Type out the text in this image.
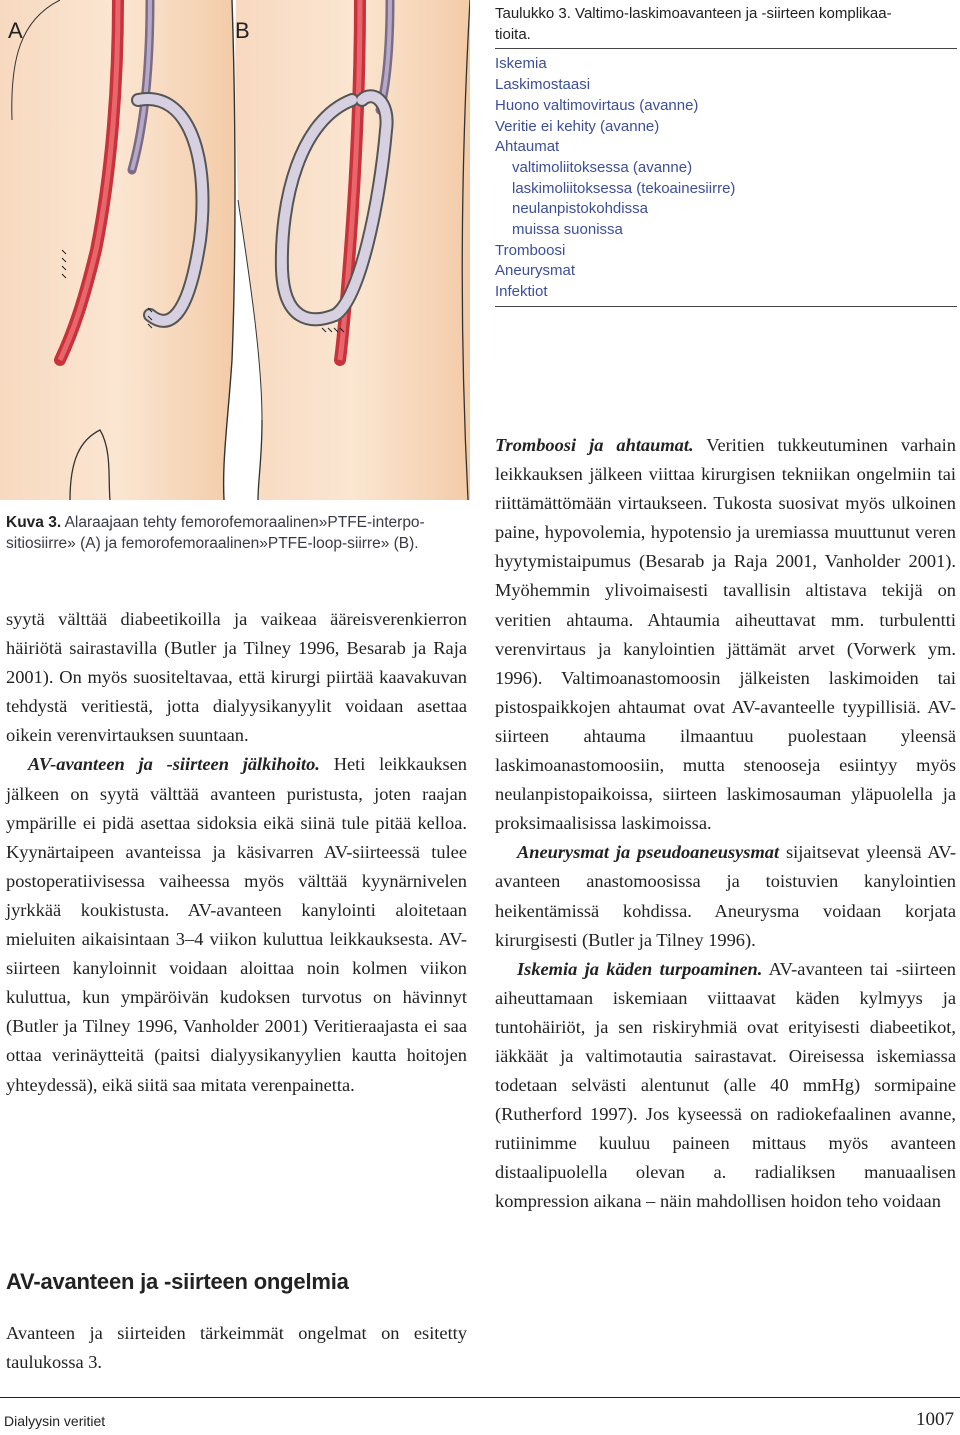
A	B
Kuva 3. Alaraajaan tehty femorofemoraalinen»PTFE-interpo-
sitiosiirre» (A) ja femorofemoraalinen»PTFE-loop-siirre» (B).
Taulukko 3. Valtimo-laskimoavanteen ja -siirteen komplikaa-
tioita.
Iskemia
Laskimostaasi
Huono valtimovirtaus (avanne)
Veritie ei kehity (avanne)
Ahtaumat
valtimoliitoksessa (avanne)
laskimoliitoksessa (tekoainesiirre)
neulanpistokohdissa
muissa suonissa
Tromboosi
Aneurysmat
Infektiot

syytä välttää diabeetikoilla ja vaikeaa ääreisverenkierron häiriötä sairastavilla (Butler ja Tilney 1996, Besarab ja Raja 2001). On myös suositeltavaa, että kirurgi piirtää kaavakuvan tehdystä veritiestä, jotta dialyysikanyylit voidaan asettaa oikein verenvirtauksen suuntaan.

AV-avanteen ja -siirteen jälkihoito. Heti leikkauksen jälkeen on syytä välttää avanteen puristusta, joten raajan ympärille ei pidä asettaa sidoksia eikä siinä tule pitää kelloa. Kyynärtaipeen avanteissa ja käsivarren AV-siirteessä tulee postoperatiivisessa vaiheessa myös välttää kyynärnivelen jyrkkää koukistusta. AV-avanteen kanylointi aloitetaan mieluiten aikaisintaan 3–4 viikon kuluttua leikkauksesta. AV-siirteen kanyloinnit voidaan aloittaa noin kolmen viikon kuluttua, kun ympäröivän kudoksen turvotus on hävinnyt (Butler ja Tilney 1996, Vanholder 2001) Veritieraajasta ei saa ottaa verinäytteitä (paitsi dialyysikanyylien kautta hoitojen yhteydessä), eikä siitä saa mitata verenpainetta.

AV-avanteen ja -siirteen ongelmia
Avanteen ja siirteiden tärkeimmät ongelmat on esitetty taulukossa 3.

Tromboosi ja ahtaumat. Veritien tukkeutuminen varhain leikkauksen jälkeen viittaa kirurgisen tekniikan ongelmiin tai riittämättömään virtaukseen. Tukosta suosivat myös ulkoinen paine, hypovolemia, hypotensio ja uremiassa muuttunut veren hyytymistaipumus (Besarab ja Raja 2001, Vanholder 2001). Myöhemmin ylivoimaisesti tavallisin altistava tekijä on veritien ahtauma. Ahtaumia aiheuttavat mm. turbulentti verenvirtaus ja kanylointien jättämät arvet (Vorwerk ym. 1996). Valtimoanastomoosin jälkeisten laskimoiden tai pistospaikkojen ahtaumat ovat AV-avanteelle tyypillisiä. AV-siirteen ahtauma ilmaantuu puolestaan yleensä laskimoanastomoosiin, mutta stenooseja esiintyy myös neulanpistopaikoissa, siirteen laskimosauman yläpuolella ja proksimaalisissa laskimoissa.

Aneurysmat ja pseudoaneusysmat sijaitsevat yleensä AV-avanteen anastomoosissa ja toistuvien kanylointien heikentämissä kohdissa. Aneurysma voidaan korjata kirurgisesti (Butler ja Tilney 1996).

Iskemia ja käden turpoaminen. AV-avanteen tai -siirteen aiheuttamaan iskemiaan viittaavat käden kylmyys ja tuntohäiriöt, ja sen riskiryhmiä ovat erityisesti diabeetikot, iäkkäät ja valtimotautia sairastavat. Oireisessa iskemiassa todetaan selvästi alentunut (alle 40 mmHg) sormipaine (Rutherford 1997). Jos kyseessä on radiokefaalinen avanne, rutiinimme kuuluu paineen mittaus myös avanteen distaalipuolella olevan a. radialiksen manuaalisen kompression aikana – näin mahdollisen hoidon teho voidaan

Dialyysin veritiet	1007
